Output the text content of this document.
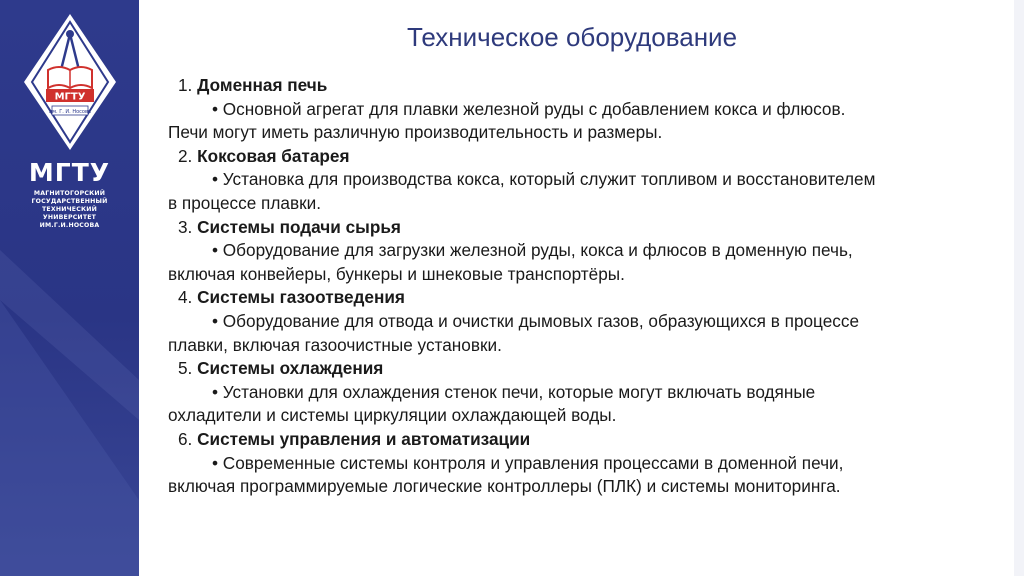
МГТУ
им. Г. И. Носова
МГТУ
МАГНИТОГОРСКИЙ
ГОСУДАРСТВЕННЫЙ
ТЕХНИЧЕСКИЙ
УНИВЕРСИТЕТ
ИМ.Г.И.НОСОВА
Техническое оборудование
1. Доменная печь
• Основной агрегат для плавки железной руды с добавлением кокса и флюсов.
Печи могут иметь различную производительность и размеры.
2. Коксовая батарея
• Установка для производства кокса, который служит топливом и восстановителем
в процессе плавки.
3. Системы подачи сырья
• Оборудование для загрузки железной руды, кокса и флюсов в доменную печь,
включая конвейеры, бункеры и шнековые транспортёры.
4. Системы газоотведения
• Оборудование для отвода и очистки дымовых газов, образующихся в процессе
плавки, включая газоочистные установки.
5. Системы охлаждения
• Установки для охлаждения стенок печи, которые могут включать водяные
охладители и системы циркуляции охлаждающей воды.
6. Системы управления и автоматизации
• Современные системы контроля и управления процессами в доменной печи,
включая программируемые логические контроллеры (ПЛК) и системы мониторинга.
